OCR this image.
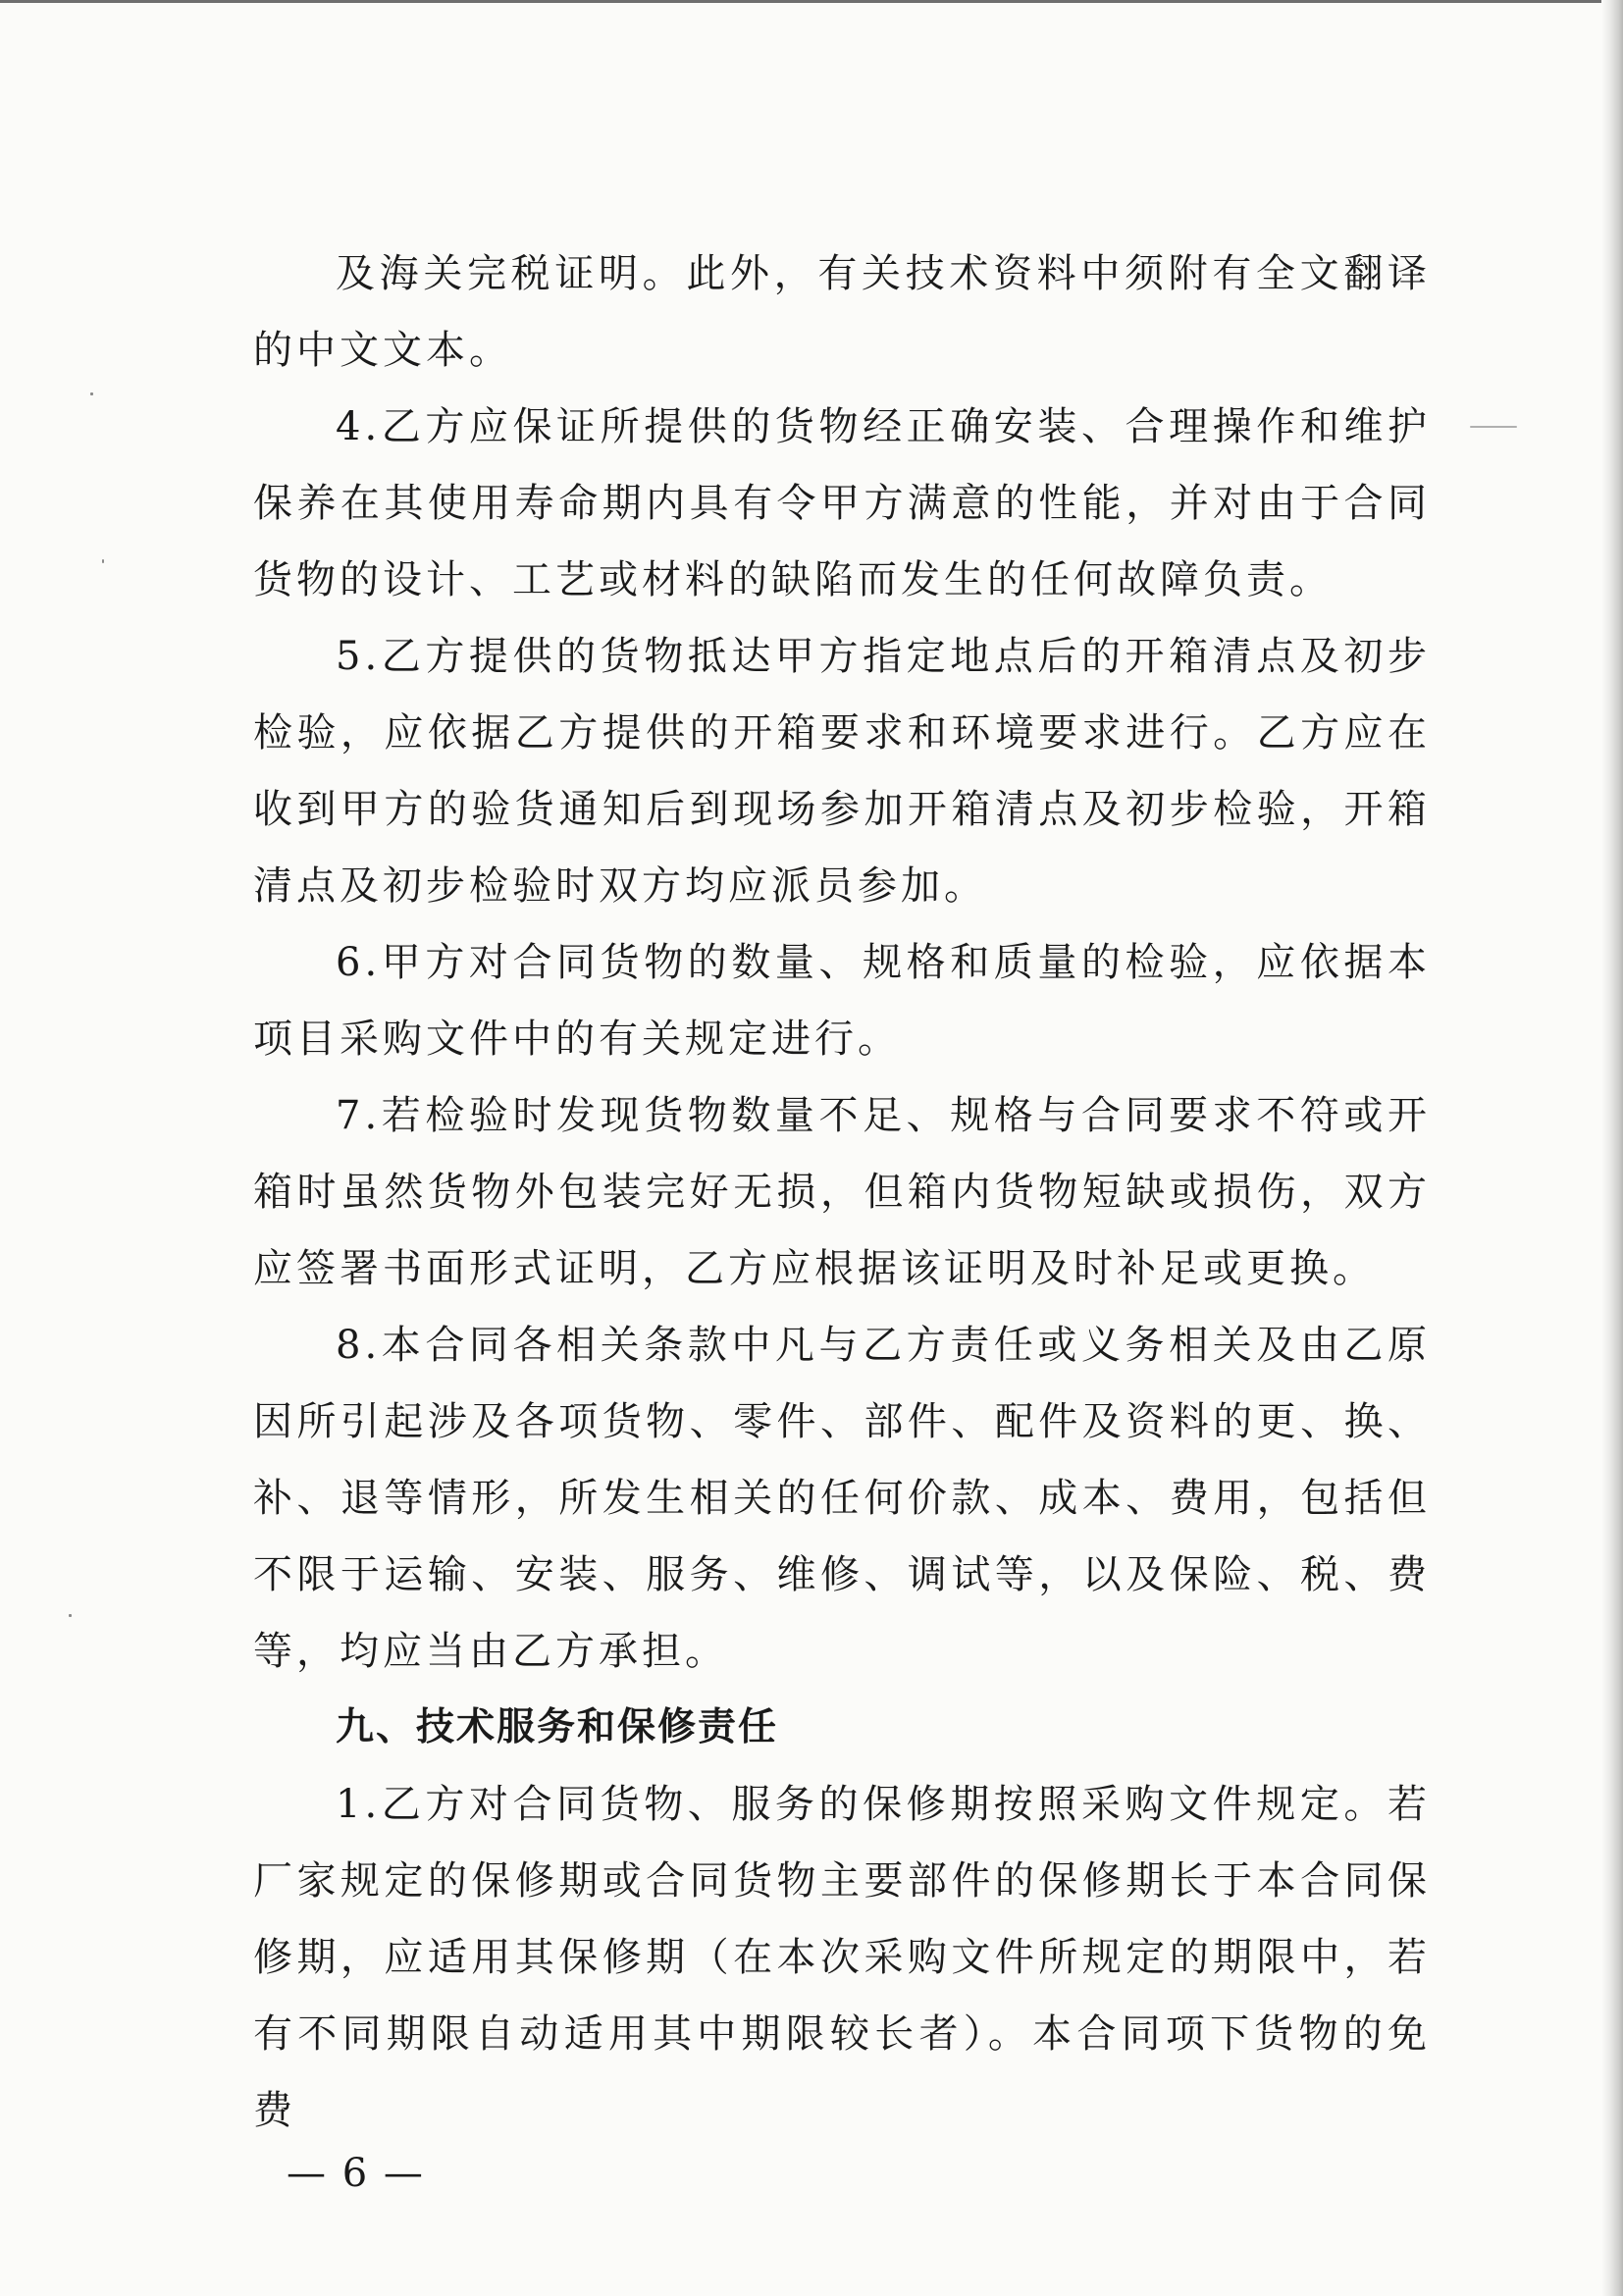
及海关完税证明。此外，有关技术资料中须附有全文翻译的中文文本。

4.乙方应保证所提供的货物经正确安装、合理操作和维护保养在其使用寿命期内具有令甲方满意的性能，并对由于合同货物的设计、工艺或材料的缺陷而发生的任何故障负责。

5.乙方提供的货物抵达甲方指定地点后的开箱清点及初步检验，应依据乙方提供的开箱要求和环境要求进行。乙方应在收到甲方的验货通知后到现场参加开箱清点及初步检验，开箱清点及初步检验时双方均应派员参加。

6.甲方对合同货物的数量、规格和质量的检验，应依据本项目采购文件中的有关规定进行。

7.若检验时发现货物数量不足、规格与合同要求不符或开箱时虽然货物外包装完好无损，但箱内货物短缺或损伤，双方应签署书面形式证明，乙方应根据该证明及时补足或更换。

8.本合同各相关条款中凡与乙方责任或义务相关及由乙原因所引起涉及各项货物、零件、部件、配件及资料的更、换、补、退等情形，所发生相关的任何价款、成本、费用，包括但不限于运输、安装、服务、维修、调试等，以及保险、税、费等，均应当由乙方承担。

九、技术服务和保修责任

1.乙方对合同货物、服务的保修期按照采购文件规定。若厂家规定的保修期或合同货物主要部件的保修期长于本合同保修期，应适用其保修期（在本次采购文件所规定的期限中，若有不同期限自动适用其中期限较长者）。本合同项下货物的免费

— 6 —
